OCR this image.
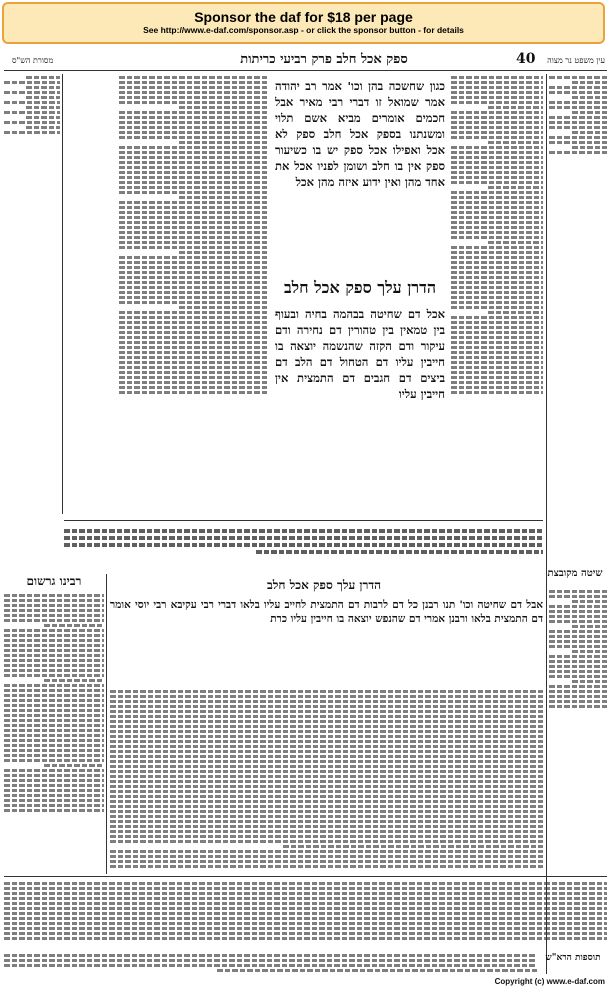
Sponsor the daf for $18 per page
See http://www.e-daf.com/sponsor.asp - or click the sponsor button - for details
מסורת הש"ס	ספק אכל חלב פרק רביעי כריתות	40 עין משפט נר מצוה
שיטה מקובצת
כגון שחשכה בהן וכו' אמר רב יהודה אמר שמואל זו דברי רבי מאיר אבל חכמים אומרים מביא אשם תלוי ומשנתנו בספק אכל חלב ספק לא אכל ואפילו אכל ספק יש בו כשיעור ספק אין בו חלב ושומן לפניו אכל את אחד מהן ואין ידוע איזה מהן אכל
הדרן עלך ספק אכל חלב
אכל דם שחיטה בבהמה בחיה ובעוף בין טמאין בין טהורין דם נחירה ודם עיקור ודם הקזה שהנשמה יוצאה בו חייבין עליו דם הטחול דם הלב דם ביצים דם חגבים דם התמצית אין חייבין עליו
רבינו גרשום	הדרן עלך ספק אכל חלב
אבל דם שחיטה וכו' תנו רבנן כל דם לרבות דם התמצית לחייב עליו בלאו דברי רבי עקיבא רבי יוסי אומר דם התמצית בלאו ורבנן אמרי דם שהנפש יוצאה בו חייבין עליו כרת
תוספות הרא"ש
Copyright (c) www.e-daf.com
